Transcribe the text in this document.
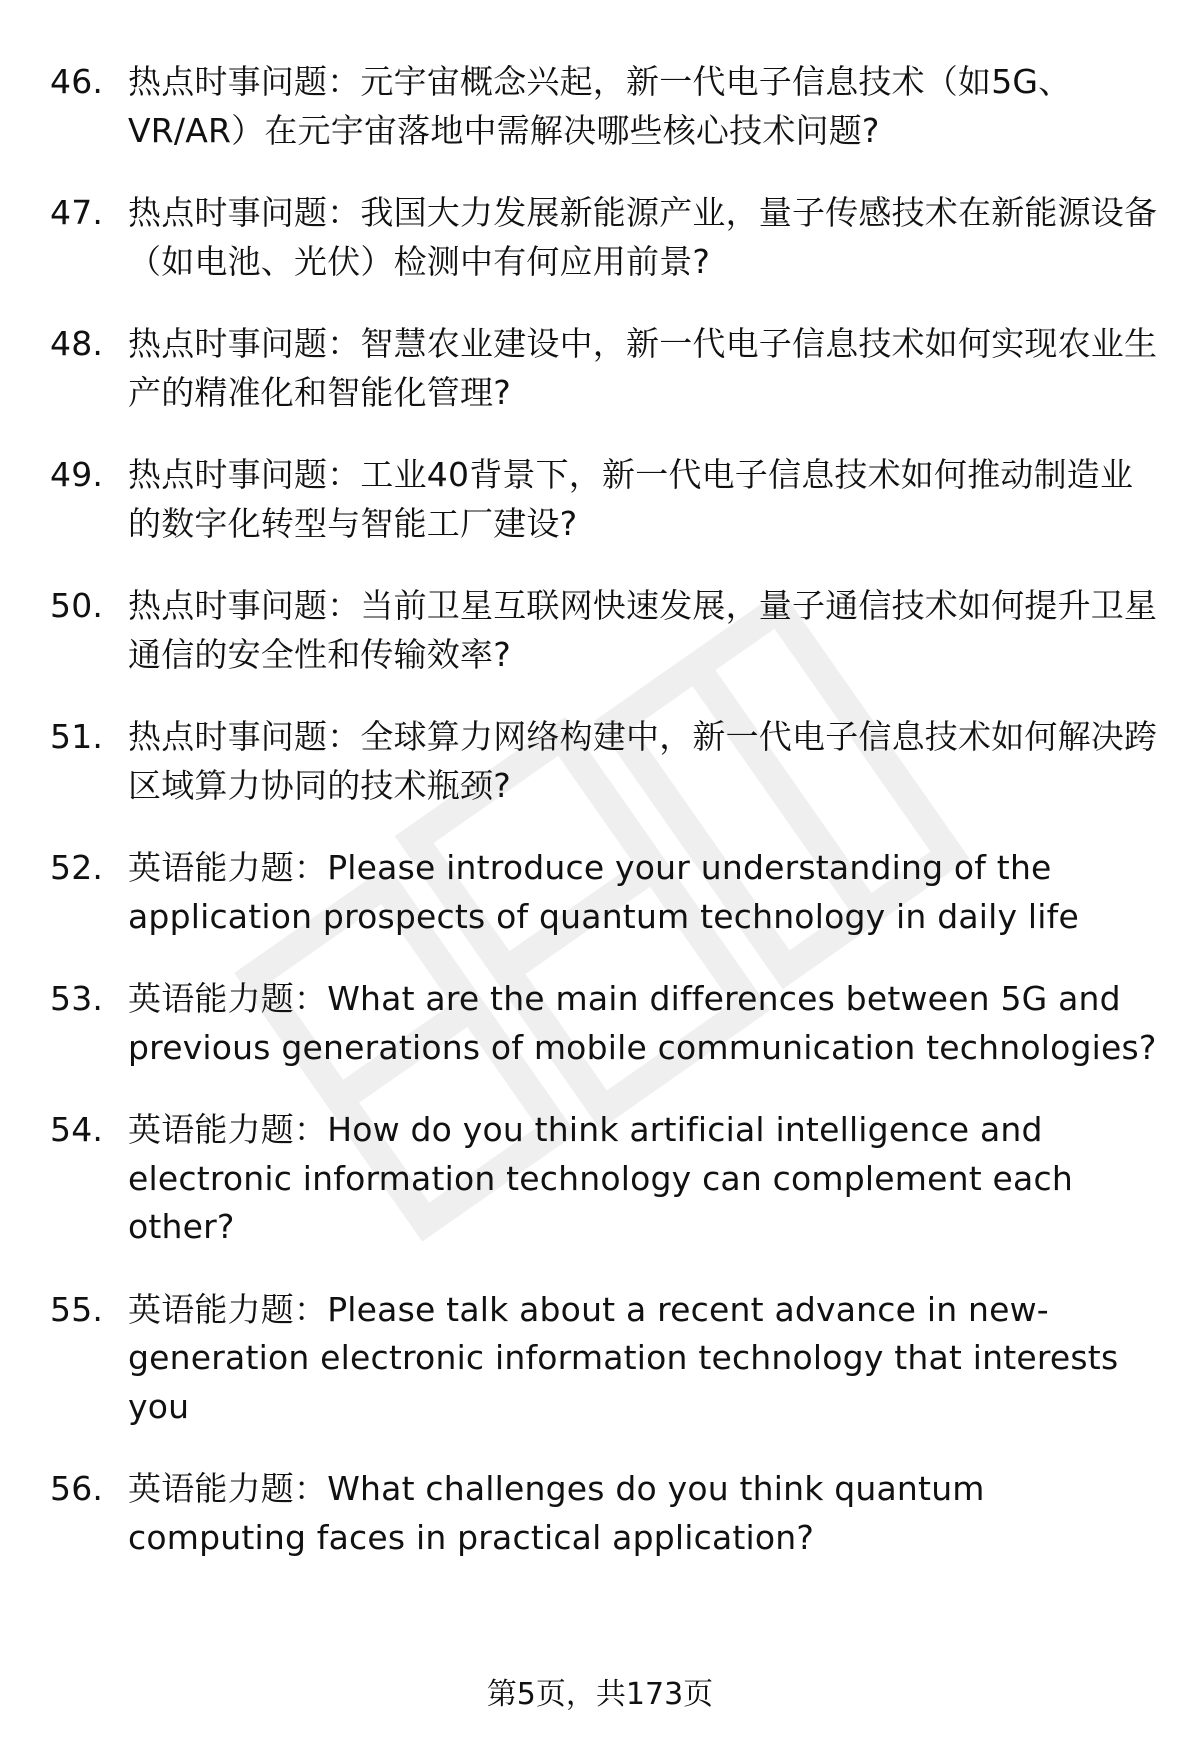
46. 热点时事问题：元宇宙概念兴起，新一代电子信息技术（如5G、VR/AR）在元宇宙落地中需解决哪些核心技术问题?
47. 热点时事问题：我国大力发展新能源产业，量子传感技术在新能源设备（如电池、光伏）检测中有何应用前景?
48. 热点时事问题：智慧农业建设中，新一代电子信息技术如何实现农业生产的精准化和智能化管理?
49. 热点时事问题：工业40背景下，新一代电子信息技术如何推动制造业的数字化转型与智能工厂建设?
50. 热点时事问题：当前卫星互联网快速发展，量子通信技术如何提升卫星通信的安全性和传输效率?
51. 热点时事问题：全球算力网络构建中，新一代电子信息技术如何解决跨区域算力协同的技术瓶颈?
52. 英语能力题：Please introduce your understanding of the application prospects of quantum technology in daily life
53. 英语能力题：What are the main differences between 5G and previous generations of mobile communication technologies?
54. 英语能力题：How do you think artificial intelligence and electronic information technology can complement each other?
55. 英语能力题：Please talk about a recent advance in new-generation electronic information technology that interests you
56. 英语能力题：What challenges do you think quantum computing faces in practical application?
第5页，共173页
